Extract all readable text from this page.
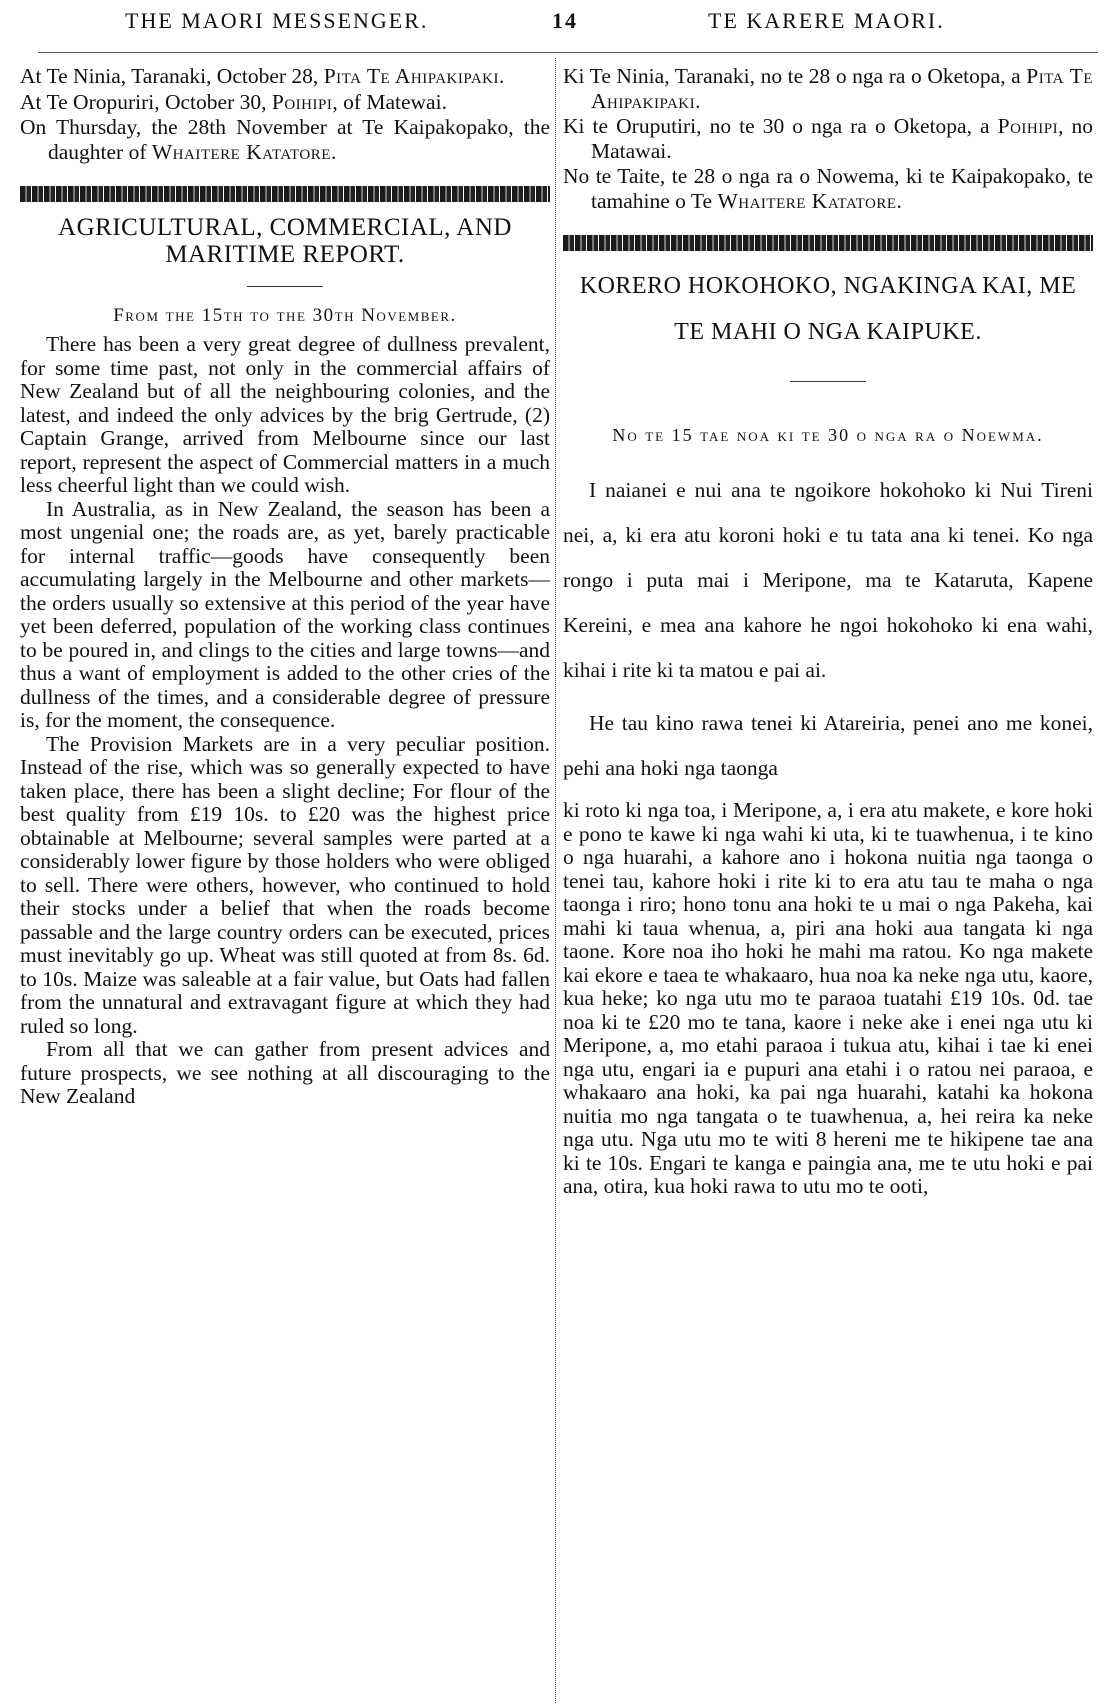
THE MAORI MESSENGER.	14	TE KARERE MAORI.

At Te Ninia, Taranaki, October 28, Pita Te Ahipakipaki.

At Te Oropuriri, October 30, Poihipi, of Matewai.

On Thursday, the 28th November at Te Kaipakopako, the daughter of Whaitere Katatore.

AGRICULTURAL, COMMERCIAL, AND MARITIME REPORT.
From the 15th to the 30th November.

There has been a very great degree of dullness prevalent, for some time past, not only in the commercial affairs of New Zealand but of all the neighbouring colonies, and the latest, and indeed the only advices by the brig Gertrude, (2) Captain Grange, arrived from Melbourne since our last report, represent the aspect of Commercial matters in a much less cheerful light than we could wish.

In Australia, as in New Zealand, the season has been a most ungenial one; the roads are, as yet, barely practicable for internal traffic—goods have consequently been accumulating largely in the Melbourne and other markets—the orders usually so extensive at this period of the year have yet been deferred, population of the working class continues to be poured in, and clings to the cities and large towns—and thus a want of employment is added to the other cries of the dullness of the times, and a considerable degree of pressure is, for the moment, the consequence.

The Provision Markets are in a very peculiar position. Instead of the rise, which was so generally expected to have taken place, there has been a slight decline; For flour of the best quality from £19 10s. to £20 was the highest price obtainable at Melbourne; several samples were parted at a considerably lower figure by those holders who were obliged to sell. There were others, however, who continued to hold their stocks under a belief that when the roads become passable and the large country orders can be executed, prices must inevitably go up. Wheat was still quoted at from 8s. 6d. to 10s. Maize was saleable at a fair value, but Oats had fallen from the unnatural and extravagant figure at which they had ruled so long.

From all that we can gather from present advices and future prospects, we see nothing at all discouraging to the New Zealand

Ki Te Ninia, Taranaki, no te 28 o nga ra o Oketopa, a Pita Te Ahipakipaki.

Ki te Oruputiri, no te 30 o nga ra o Oketopa, a Poihipi, no Matawai.

No te Taite, te 28 o nga ra o Nowema, ki te Kaipakopako, te tamahine o Te Whaitere Katatore.

KORERO HOKOHOKO, NGAKINGA KAI, ME TE MAHI O NGA KAIPUKE.
No te 15 tae noa ki te 30 o nga ra o Noewma.

I naianei e nui ana te ngoikore hokohoko ki Nui Tireni nei, a, ki era atu koroni hoki e tu tata ana ki tenei. Ko nga rongo i puta mai i Meripone, ma te Kataruta, Kapene Kereini, e mea ana kahore he ngoi hokohoko ki ena wahi, kihai i rite ki ta matou e pai ai.

He tau kino rawa tenei ki Atareiria, penei ano me konei, pehi ana hoki nga taonga

ki roto ki nga toa, i Meripone, a, i era atu makete, e kore hoki e pono te kawe ki nga wahi ki uta, ki te tuawhenua, i te kino o nga huarahi, a kahore ano i hokona nuitia nga taonga o tenei tau, kahore hoki i rite ki to era atu tau te maha o nga taonga i riro; hono tonu ana hoki te u mai o nga Pakeha, kai mahi ki taua whenua, a, piri ana hoki aua tangata ki nga taone. Kore noa iho hoki he mahi ma ratou. Ko nga makete kai ekore e taea te whakaaro, hua noa ka neke nga utu, kaore, kua heke; ko nga utu mo te paraoa tuatahi £19 10s. 0d. tae noa ki te £20 mo te tana, kaore i neke ake i enei nga utu ki Meripone, a, mo etahi paraoa i tukua atu, kihai i tae ki enei nga utu, engari ia e pupuri ana etahi i o ratou nei paraoa, e whakaaro ana hoki, ka pai nga huarahi, katahi ka hokona nuitia mo nga tangata o te tuawhenua, a, hei reira ka neke nga utu. Nga utu mo te witi 8 hereni me te hikipene tae ana ki te 10s. Engari te kanga e paingia ana, me te utu hoki e pai ana, otira, kua hoki rawa to utu mo te ooti,
